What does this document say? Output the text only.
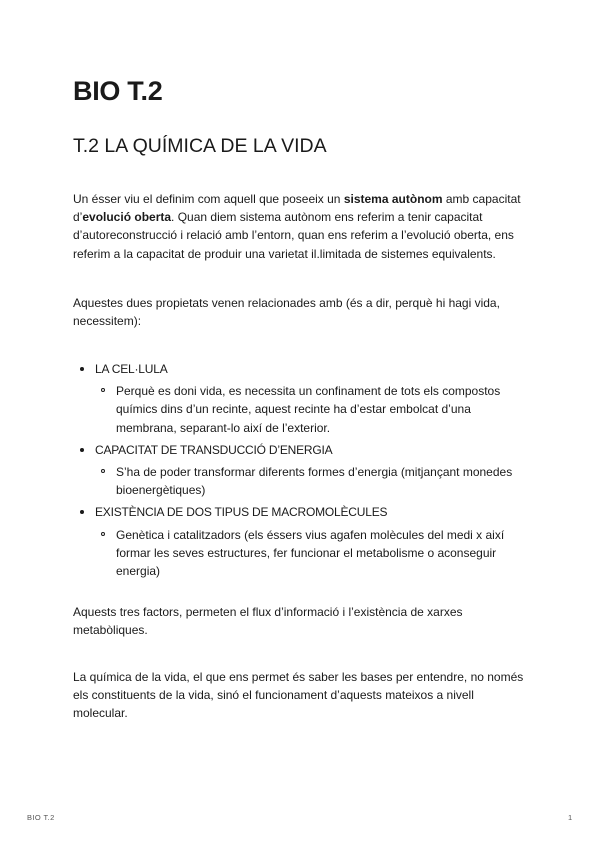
BIO T.2
T.2 LA QUÍMICA DE LA VIDA

Un ésser viu el definim com aquell que poseeix un sistema autònom amb capacitat d’evolució oberta. Quan diem sistema autònom ens referim a tenir capacitat d’autoreconstrucció i relació amb l’entorn, quan ens referim a l’evolució oberta, ens referim a la capacitat de produir una varietat il.limitada de sistemes equivalents.

Aquestes dues propietats venen relacionades amb (és a dir, perquè hi hagi vida, necessitem):

LA CEL·LULA
Perquè es doni vida, es necessita un confinament de tots els compostos químics dins d’un recinte, aquest recinte ha d’estar embolcat d’una membrana, separant-lo així de l’exterior.
CAPACITAT DE TRANSDUCCIÓ D’ENERGIA
S’ha de poder transformar diferents formes d’energia (mitjançant monedes bioenergètiques)
EXISTÈNCIA DE DOS TIPUS DE MACROMOLÈCULES
Genètica i catalitzadors (els éssers vius agafen molècules del medi x així formar les seves estructures, fer funcionar el metabolisme o aconseguir energia)

Aquests tres factors, permeten el flux d’informació i l’existència de xarxes metabòliques.

La química de la vida, el que ens permet és saber les bases per entendre, no només els constituents de la vida, sinó el funcionament d’aquests mateixos a nivell molecular.

BIO T.2	1
